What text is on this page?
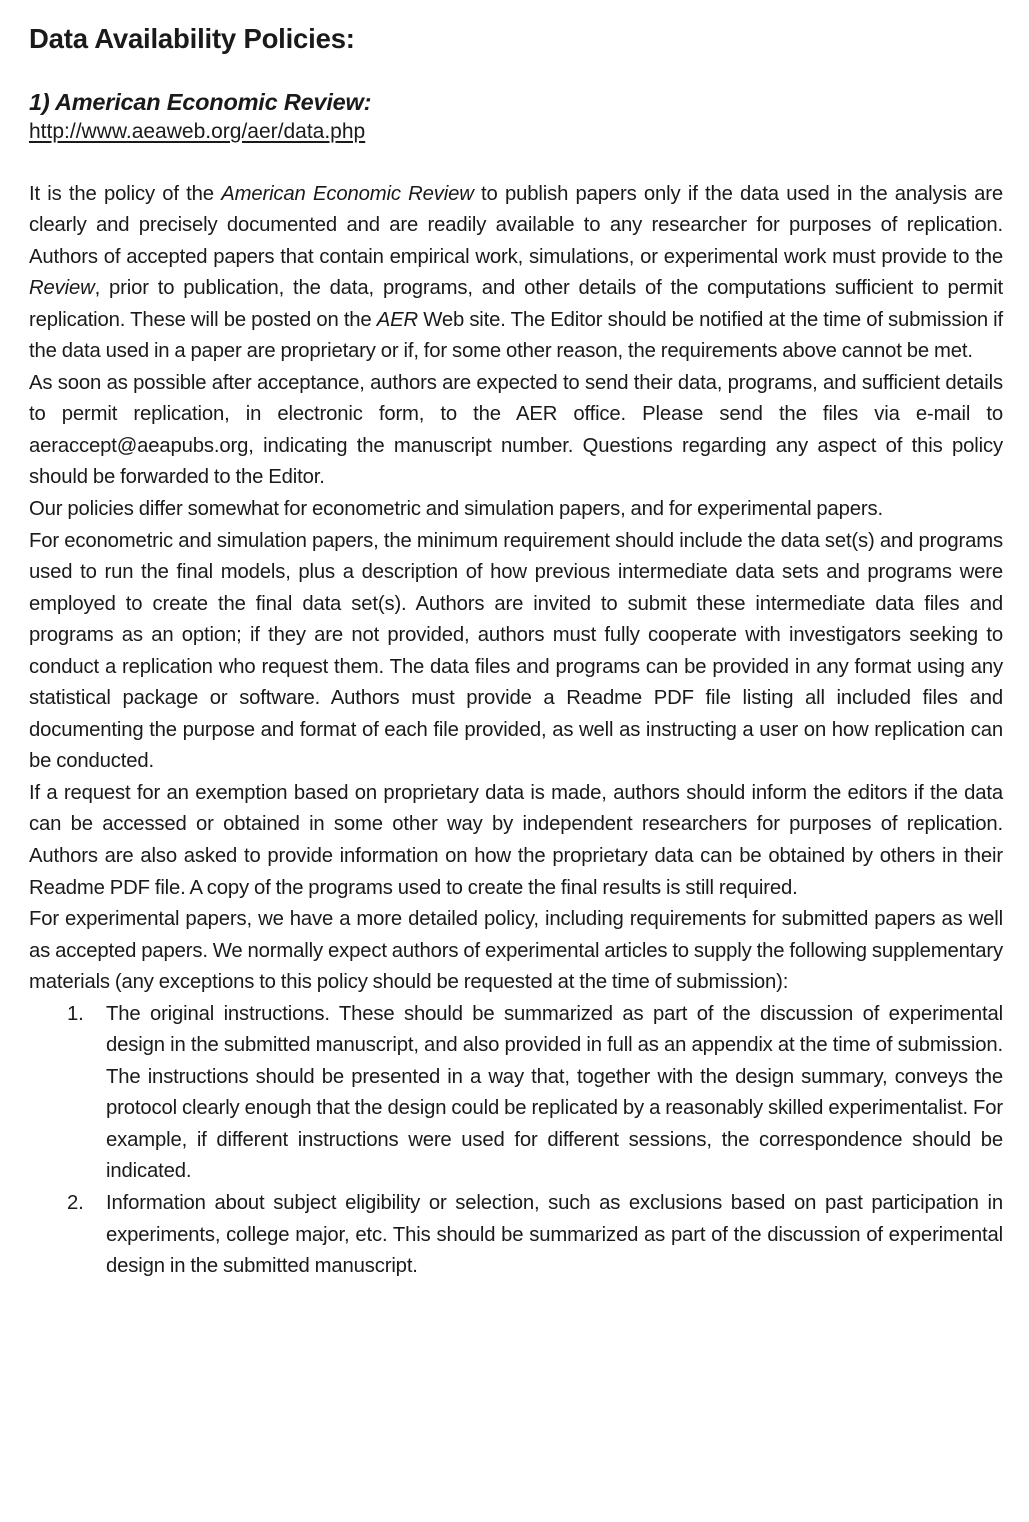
Data Availability Policies:
1) American Economic Review:
http://www.aeaweb.org/aer/data.php

It is the policy of the American Economic Review to publish papers only if the data used in the analysis are clearly and precisely documented and are readily available to any researcher for purposes of replication. Authors of accepted papers that contain empirical work, simulations, or experimental work must provide to the Review, prior to publication, the data, programs, and other details of the computations sufficient to permit replication. These will be posted on the AER Web site. The Editor should be notified at the time of submission if the data used in a paper are proprietary or if, for some other reason, the requirements above cannot be met.

As soon as possible after acceptance, authors are expected to send their data, programs, and sufficient details to permit replication, in electronic form, to the AER office. Please send the files via e-mail to aeraccept@aeapubs.org, indicating the manuscript number. Questions regarding any aspect of this policy should be forwarded to the Editor.

Our policies differ somewhat for econometric and simulation papers, and for experimental papers.

For econometric and simulation papers, the minimum requirement should include the data set(s) and programs used to run the final models, plus a description of how previous intermediate data sets and programs were employed to create the final data set(s). Authors are invited to submit these intermediate data files and programs as an option; if they are not provided, authors must fully cooperate with investigators seeking to conduct a replication who request them. The data files and programs can be provided in any format using any statistical package or software. Authors must provide a Readme PDF file listing all included files and documenting the purpose and format of each file provided, as well as instructing a user on how replication can be conducted.

If a request for an exemption based on proprietary data is made, authors should inform the editors if the data can be accessed or obtained in some other way by independent researchers for purposes of replication. Authors are also asked to provide information on how the proprietary data can be obtained by others in their Readme PDF file. A copy of the programs used to create the final results is still required.

For experimental papers, we have a more detailed policy, including requirements for submitted papers as well as accepted papers. We normally expect authors of experimental articles to supply the following supplementary materials (any exceptions to this policy should be requested at the time of submission):

1. The original instructions. These should be summarized as part of the discussion of experimental design in the submitted manuscript, and also provided in full as an appendix at the time of submission. The instructions should be presented in a way that, together with the design summary, conveys the protocol clearly enough that the design could be replicated by a reasonably skilled experimentalist. For example, if different instructions were used for different sessions, the correspondence should be indicated.
2. Information about subject eligibility or selection, such as exclusions based on past participation in experiments, college major, etc. This should be summarized as part of the discussion of experimental design in the submitted manuscript.
